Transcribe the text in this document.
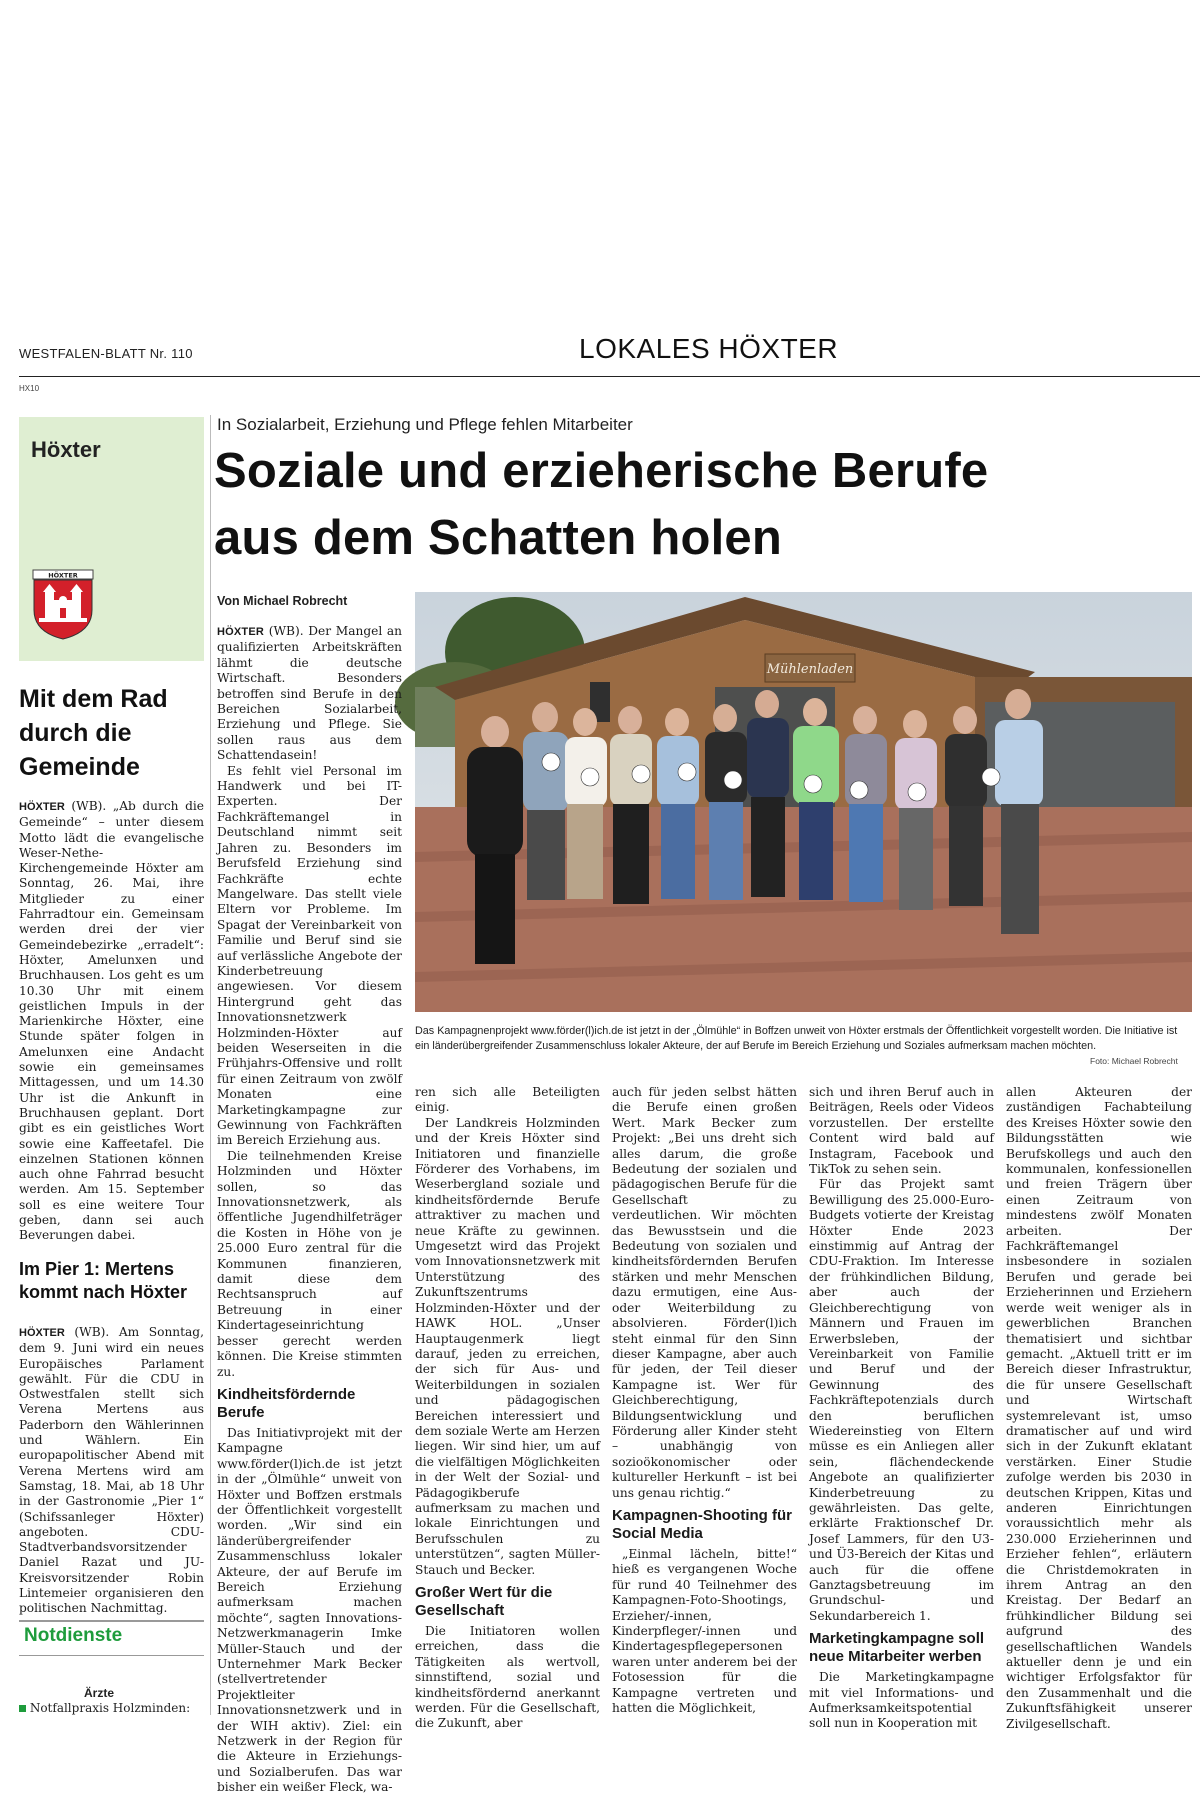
WESTFALEN-BLATT Nr. 110	LOKALES HÖXTER
HX10
Höxter
HÖXTER
Mit dem Rad durch die Gemeinde

HÖXTER (WB). „Ab durch die Gemeinde“ – unter diesem Motto lädt die evangelische Weser-Nethe-Kirchengemeinde Höxter am Sonntag, 26. Mai, ihre Mitglieder zu einer Fahrradtour ein. Gemeinsam werden drei der vier Gemeindebezirke „erradelt“: Höxter, Amelunxen und Bruchhausen. Los geht es um 10.30 Uhr mit einem geistlichen Impuls in der Marienkirche Höxter, eine Stunde später folgen in Amelunxen eine Andacht sowie ein gemeinsames Mittagessen, und um 14.30 Uhr ist die Ankunft in Bruchhausen geplant. Dort gibt es ein geistliches Wort sowie eine Kaffeetafel. Die einzelnen Stationen können auch ohne Fahrrad besucht werden. Am 15. September soll es eine weitere Tour geben, dann sei auch Beverungen dabei.

Im Pier 1: Mertens kommt nach Höxter

HÖXTER (WB). Am Sonntag, dem 9. Juni wird ein neues Europäisches Parlament gewählt. Für die CDU in Ostwestfalen stellt sich Verena Mertens aus Paderborn den Wählerinnen und Wählern. Ein europapolitischer Abend mit Verena Mertens wird am Samstag, 18. Mai, ab 18 Uhr in der Gastronomie „Pier 1“ (Schifssanleger Höxter) angeboten. CDU-Stadtverbandsvorsitzender Daniel Razat und JU-Kreisvorsitzender Robin Lintemeier organisieren den politischen Nachmittag.

Notdienste
Ärzte
Notfallpraxis Holzminden:
In Sozialarbeit, Erziehung und Pflege fehlen Mitarbeiter
Soziale und erzieherische Berufe
aus dem Schatten holen
Von Michael Robrecht
Mühlenladen
Das Kampagnenprojekt www.förder(l)ich.de ist jetzt in der „Ölmühle“ in Boffzen unweit von Höxter erstmals der Öffentlichkeit vorgestellt worden. Die Initiative ist ein länderübergreifender Zusammenschluss lokaler Akteure, der auf Berufe im Bereich Erziehung und Soziales aufmerksam machen möchten.
Foto: Michael Robrecht

HÖXTER (WB). Der Mangel an qualifizierten Arbeitskräften lähmt die deutsche Wirtschaft. Besonders betroffen sind Berufe in den Bereichen Sozialarbeit, Erziehung und Pflege. Sie sollen raus aus dem Schattendasein!

Es fehlt viel Personal im Handwerk und bei IT-Experten. Der Fachkräftemangel in Deutschland nimmt seit Jahren zu. Besonders im Berufsfeld Erziehung sind Fachkräfte echte Mangelware. Das stellt viele Eltern vor Probleme. Im Spagat der Vereinbarkeit von Familie und Beruf sind sie auf verlässliche Angebote der Kinderbetreuung angewiesen. Vor diesem Hintergrund geht das Innovationsnetzwerk Holzminden-Höxter auf beiden Weserseiten in die Frühjahrs-Offensive und rollt für einen Zeitraum von zwölf Monaten eine Marketingkampagne zur Gewinnung von Fachkräften im Bereich Erziehung aus.

Die teilnehmenden Kreise Holzminden und Höxter sollen, so das Innovationsnetzwerk, als öffentliche Jugendhilfeträger die Kosten in Höhe von je 25.000 Euro zentral für die Kommunen finanzieren, damit diese dem Rechtsanspruch auf Betreuung in einer Kindertageseinrichtung besser gerecht werden können. Die Kreise stimmten zu.

Kindheitsfördernde Berufe

Das Initiativprojekt mit der Kampagne www.förder(l)ich.de ist jetzt in der „Ölmühle“ unweit von Höxter und Boffzen erstmals der Öffentlichkeit vorgestellt worden. „Wir sind ein länderübergreifender Zusammenschluss lokaler Akteure, der auf Berufe im Bereich Erziehung aufmerksam machen möchte“, sagten Innovations-Netzwerkmanagerin Imke Müller-Stauch und der Unternehmer Mark Becker (stellvertretender Projektleiter Innovationsnetzwerk und in der WIH aktiv). Ziel: ein Netzwerk in der Region für die Akteure in Erziehungs- und Sozialberufen. Das war bisher ein weißer Fleck, wa-

ren sich alle Beteiligten einig.

Der Landkreis Holzminden und der Kreis Höxter sind Initiatoren und finanzielle Förderer des Vorhabens, im Weserbergland soziale und kindheitsfördernde Berufe attraktiver zu machen und neue Kräfte zu gewinnen. Umgesetzt wird das Projekt vom Innovationsnetzwerk mit Unterstützung des Zukunftszentrums Holzminden-Höxter und der HAWK HOL. „Unser Hauptaugenmerk liegt darauf, jeden zu erreichen, der sich für Aus- und Weiterbildungen in sozialen und pädagogischen Bereichen interessiert und dem soziale Werte am Herzen liegen. Wir sind hier, um auf die vielfältigen Möglichkeiten in der Welt der Sozial- und Pädagogikberufe aufmerksam zu machen und lokale Einrichtungen und Berufsschulen zu unterstützen“, sagten Müller-Stauch und Becker.

Großer Wert für die Gesellschaft

Die Initiatoren wollen erreichen, dass die Tätigkeiten als wertvoll, sinnstiftend, sozial und kindheitsfördernd anerkannt werden. Für die Gesellschaft, die Zukunft, aber

auch für jeden selbst hätten die Berufe einen großen Wert. Mark Becker zum Projekt: „Bei uns dreht sich alles darum, die große Bedeutung der sozialen und pädagogischen Berufe für die Gesellschaft zu verdeutlichen. Wir möchten das Bewusstsein und die Bedeutung von sozialen und kindheitsfördernden Berufen stärken und mehr Menschen dazu ermutigen, eine Aus- oder Weiterbildung zu absolvieren. Förder(l)ich steht einmal für den Sinn dieser Kampagne, aber auch für jeden, der Teil dieser Kampagne ist. Wer für Gleichberechtigung, Bildungsentwicklung und Förderung aller Kinder steht – unabhängig von sozioökonomischer oder kultureller Herkunft – ist bei uns genau richtig.“

Kampagnen-Shooting für Social Media

„Einmal lächeln, bitte!“ hieß es vergangenen Woche für rund 40 Teilnehmer des Kampagnen-Foto-Shootings, Erzieher/-innen, Kinderpfleger/-innen und Kindertagespflegepersonen waren unter anderem bei der Fotosession für die Kampagne vertreten und hatten die Möglichkeit,

sich und ihren Beruf auch in Beiträgen, Reels oder Videos vorzustellen. Der erstellte Content wird bald auf Instagram, Facebook und TikTok zu sehen sein.

Für das Projekt samt Bewilligung des 25.000-Euro-Budgets votierte der Kreistag Höxter Ende 2023 einstimmig auf Antrag der CDU-Fraktion. Im Interesse der frühkindlichen Bildung, aber auch der Gleichberechtigung von Männern und Frauen im Erwerbsleben, der Vereinbarkeit von Familie und Beruf und der Gewinnung des Fachkräftepotenzials durch den beruflichen Wiedereinstieg von Eltern müsse es ein Anliegen aller sein, flächendeckende Angebote an qualifizierter Kinderbetreuung zu gewährleisten. Das gelte, erklärte Fraktionschef Dr. Josef Lammers, für den U3- und Ü3-Bereich der Kitas und auch für die offene Ganztagsbetreuung im Grundschul- und Sekundarbereich 1.

Marketingkampagne soll neue Mitarbeiter werben

Die Marketingkampagne mit viel Informations- und Aufmerksamkeitspotential soll nun in Kooperation mit

allen Akteuren der zuständigen Fachabteilung des Kreises Höxter sowie den Bildungsstätten wie Berufskollegs und auch den kommunalen, konfessionellen und freien Trägern über einen Zeitraum von mindestens zwölf Monaten arbeiten. Der Fachkräftemangel insbesondere in sozialen Berufen und gerade bei Erzieherinnen und Erziehern werde weit weniger als in gewerblichen Branchen thematisiert und sichtbar gemacht. „Aktuell tritt er im Bereich dieser Infrastruktur, die für unsere Gesellschaft und Wirtschaft systemrelevant ist, umso dramatischer auf und wird sich in der Zukunft eklatant verstärken. Einer Studie zufolge werden bis 2030 in deutschen Krippen, Kitas und anderen Einrichtungen voraussichtlich mehr als 230.000 Erzieherinnen und Erzieher fehlen“, erläutern die Christdemokraten in ihrem Antrag an den Kreistag. Der Bedarf an frühkindlicher Bildung sei aufgrund des gesellschaftlichen Wandels aktueller denn je und ein wichtiger Erfolgsfaktor für den Zusammenhalt und die Zukunftsfähigkeit unserer Zivilgesellschaft.
